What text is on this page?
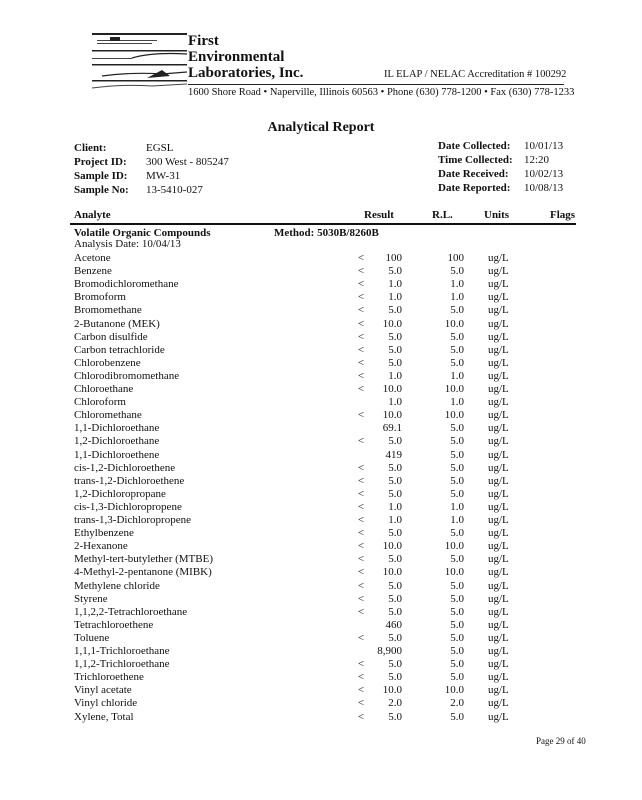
First
Environmental
Laboratories, Inc.	IL ELAP / NELAC Accreditation # 100292
1600 Shore Road • Naperville, Illinois 60563 • Phone (630) 778-1200 • Fax (630) 778-1233
Analytical Report
Client:	EGSL
Project ID: 300 West - 805247
Sample ID: MW-31
Sample No: 13-5410-027
Date Collected: 10/01/13
Time Collected: 12:20
Date Received: 10/02/13
Date Reported: 10/08/13
Analyte	Result	R.L.	Units	Flags
Volatile Organic Compounds	Method: 5030B/8260B
Analysis Date: 10/04/13
Acetone	<	100	100 ug/L
Benzene	<	5.0	5.0 ug/L
Bromodichloromethane	<	1.0	1.0 ug/L
Bromoform	<	1.0	1.0 ug/L
Bromomethane	<	5.0	5.0 ug/L
2-Butanone (MEK)	<	10.0	10.0 ug/L
Carbon disulfide	<	5.0	5.0 ug/L
Carbon tetrachloride	<	5.0	5.0 ug/L
Chlorobenzene	<	5.0	5.0 ug/L
Chlorodibromomethane	<	1.0	1.0 ug/L
Chloroethane	<	10.0	10.0 ug/L
Chloroform	1.0	1.0 ug/L
Chloromethane	<	10.0	10.0 ug/L
1,1-Dichloroethane	69.1	5.0 ug/L
1,2-Dichloroethane	<	5.0	5.0 ug/L
1,1-Dichloroethene	419	5.0 ug/L
cis-1,2-Dichloroethene	<	5.0	5.0 ug/L
trans-1,2-Dichloroethene	<	5.0	5.0 ug/L
1,2-Dichloropropane	<	5.0	5.0 ug/L
cis-1,3-Dichloropropene	<	1.0	1.0 ug/L
trans-1,3-Dichloropropene	<	1.0	1.0 ug/L
Ethylbenzene	<	5.0	5.0 ug/L
2-Hexanone	<	10.0	10.0 ug/L
Methyl-tert-butylether (MTBE)	<	5.0	5.0 ug/L
4-Methyl-2-pentanone (MIBK)	<	10.0	10.0 ug/L
Methylene chloride	<	5.0	5.0 ug/L
Styrene	<	5.0	5.0 ug/L
1,1,2,2-Tetrachloroethane	<	5.0	5.0 ug/L
Tetrachloroethene	460	5.0 ug/L
Toluene	<	5.0	5.0 ug/L
1,1,1-Trichloroethane	8,900	5.0 ug/L
1,1,2-Trichloroethane	<	5.0	5.0 ug/L
Trichloroethene	<	5.0	5.0 ug/L
Vinyl acetate	<	10.0	10.0 ug/L
Vinyl chloride	<	2.0	2.0 ug/L
Xylene, Total	<	5.0	5.0 ug/L
Page 29 of 40
